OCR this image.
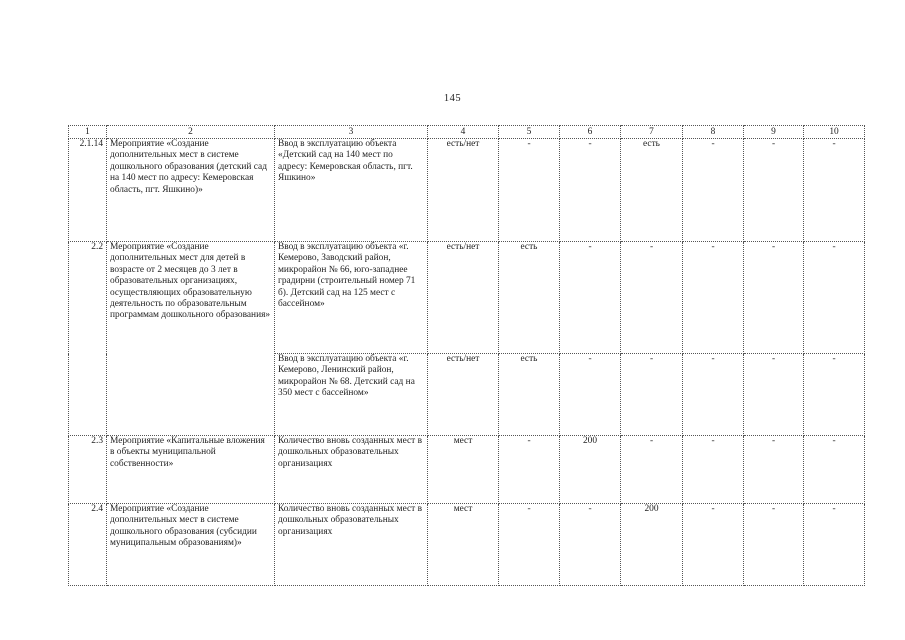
145
1	2	3	4	5	6	7	8	9	10
2.1.14	Мероприятие «Создание дополнительных мест в системе дошкольного образования (детский сад на 140 мест по адресу: Кемеровская область, пгт. Яшкино)»	Ввод в эксплуатацию объекта «Детский сад на 140 мест по адресу: Кемеровская область, пгт. Яшкино»	есть/нет	-	-	есть	-	-	-
2.2	Мероприятие «Создание дополнительных мест для детей в возрасте от 2 месяцев до 3 лет в образовательных организациях, осуществляющих образовательную деятельность по образовательным программам дошкольного образования»	Ввод в эксплуатацию объекта «г. Кемерово, Заводский район, микрорайон № 66, юго-западнее градирни (строительный номер 71 б). Детский сад на 125 мест с бассейном»	есть/нет	есть	-	-	-	-	-
		Ввод в эксплуатацию объекта «г. Кемерово, Ленинский район, микрорайон № 68. Детский сад на 350 мест с бассейном»	есть/нет	есть	-	-	-	-	-
2.3	Мероприятие «Капитальные вложения в объекты муниципальной собственности»	Количество вновь созданных мест в дошкольных образовательных организациях	мест	-	200	-	-	-	-
2.4	Мероприятие «Создание дополнительных мест в системе дошкольного образования (субсидии муниципальным образованиям)»	Количество вновь созданных мест в дошкольных образовательных организациях	мест	-	-	200	-	-	-
